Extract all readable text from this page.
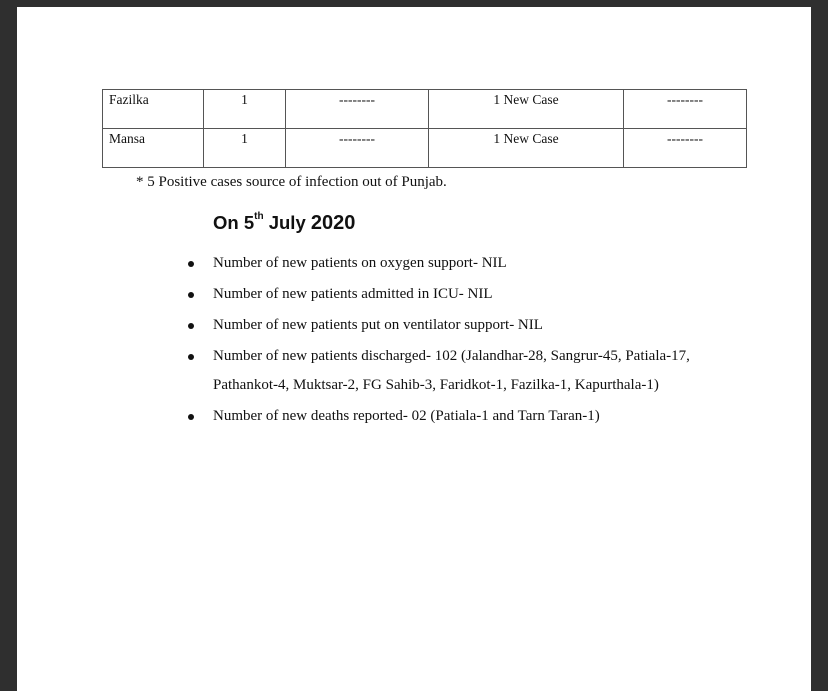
Fazilka	1	--------	1 New Case	--------
Mansa	1	--------	1 New Case	--------
* 5 Positive cases source of infection out of Punjab.
On 5th July 2020
Number of new patients on oxygen support- NIL
Number of new patients admitted in ICU- NIL
Number of new patients put on ventilator support- NIL
Number of new patients discharged- 102 (Jalandhar-28, Sangrur-45, Patiala-17, Pathankot-4, Muktsar-2, FG Sahib-3, Faridkot-1, Fazilka-1, Kapurthala-1)
Number of new deaths reported- 02 (Patiala-1 and Tarn Taran-1)
